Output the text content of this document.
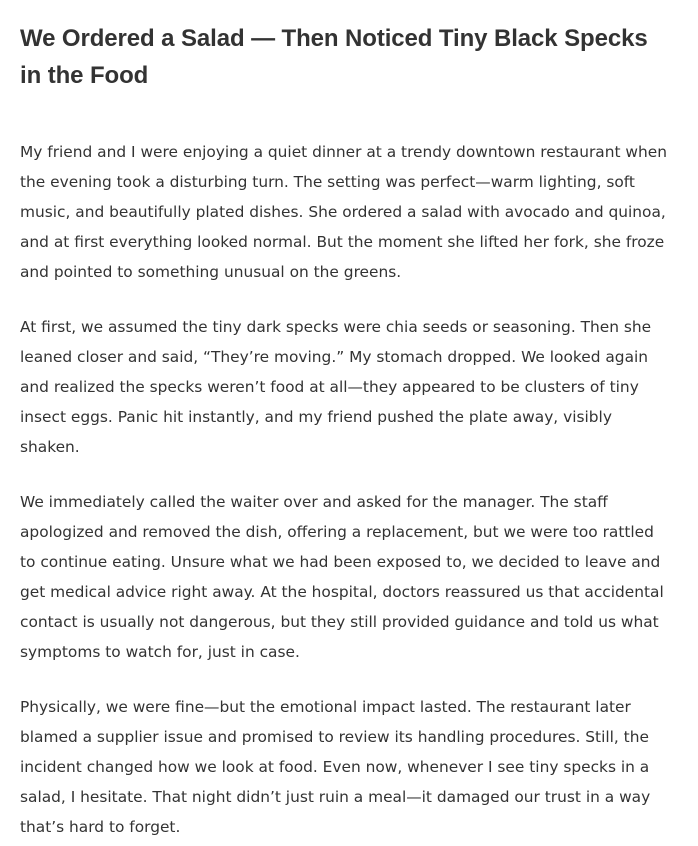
We Ordered a Salad — Then Noticed Tiny Black Specks in the Food

My friend and I were enjoying a quiet dinner at a trendy downtown restaurant when the evening took a disturbing turn. The setting was perfect—warm lighting, soft music, and beautifully plated dishes. She ordered a salad with avocado and quinoa, and at first everything looked normal. But the moment she lifted her fork, she froze and pointed to something unusual on the greens.

At first, we assumed the tiny dark specks were chia seeds or seasoning. Then she leaned closer and said, “They’re moving.” My stomach dropped. We looked again and realized the specks weren’t food at all—they appeared to be clusters of tiny insect eggs. Panic hit instantly, and my friend pushed the plate away, visibly shaken.

We immediately called the waiter over and asked for the manager. The staff apologized and removed the dish, offering a replacement, but we were too rattled to continue eating. Unsure what we had been exposed to, we decided to leave and get medical advice right away. At the hospital, doctors reassured us that accidental contact is usually not dangerous, but they still provided guidance and told us what symptoms to watch for, just in case.

Physically, we were fine—but the emotional impact lasted. The restaurant later blamed a supplier issue and promised to review its handling procedures. Still, the incident changed how we look at food. Even now, whenever I see tiny specks in a salad, I hesitate. That night didn’t just ruin a meal—it damaged our trust in a way that’s hard to forget.
